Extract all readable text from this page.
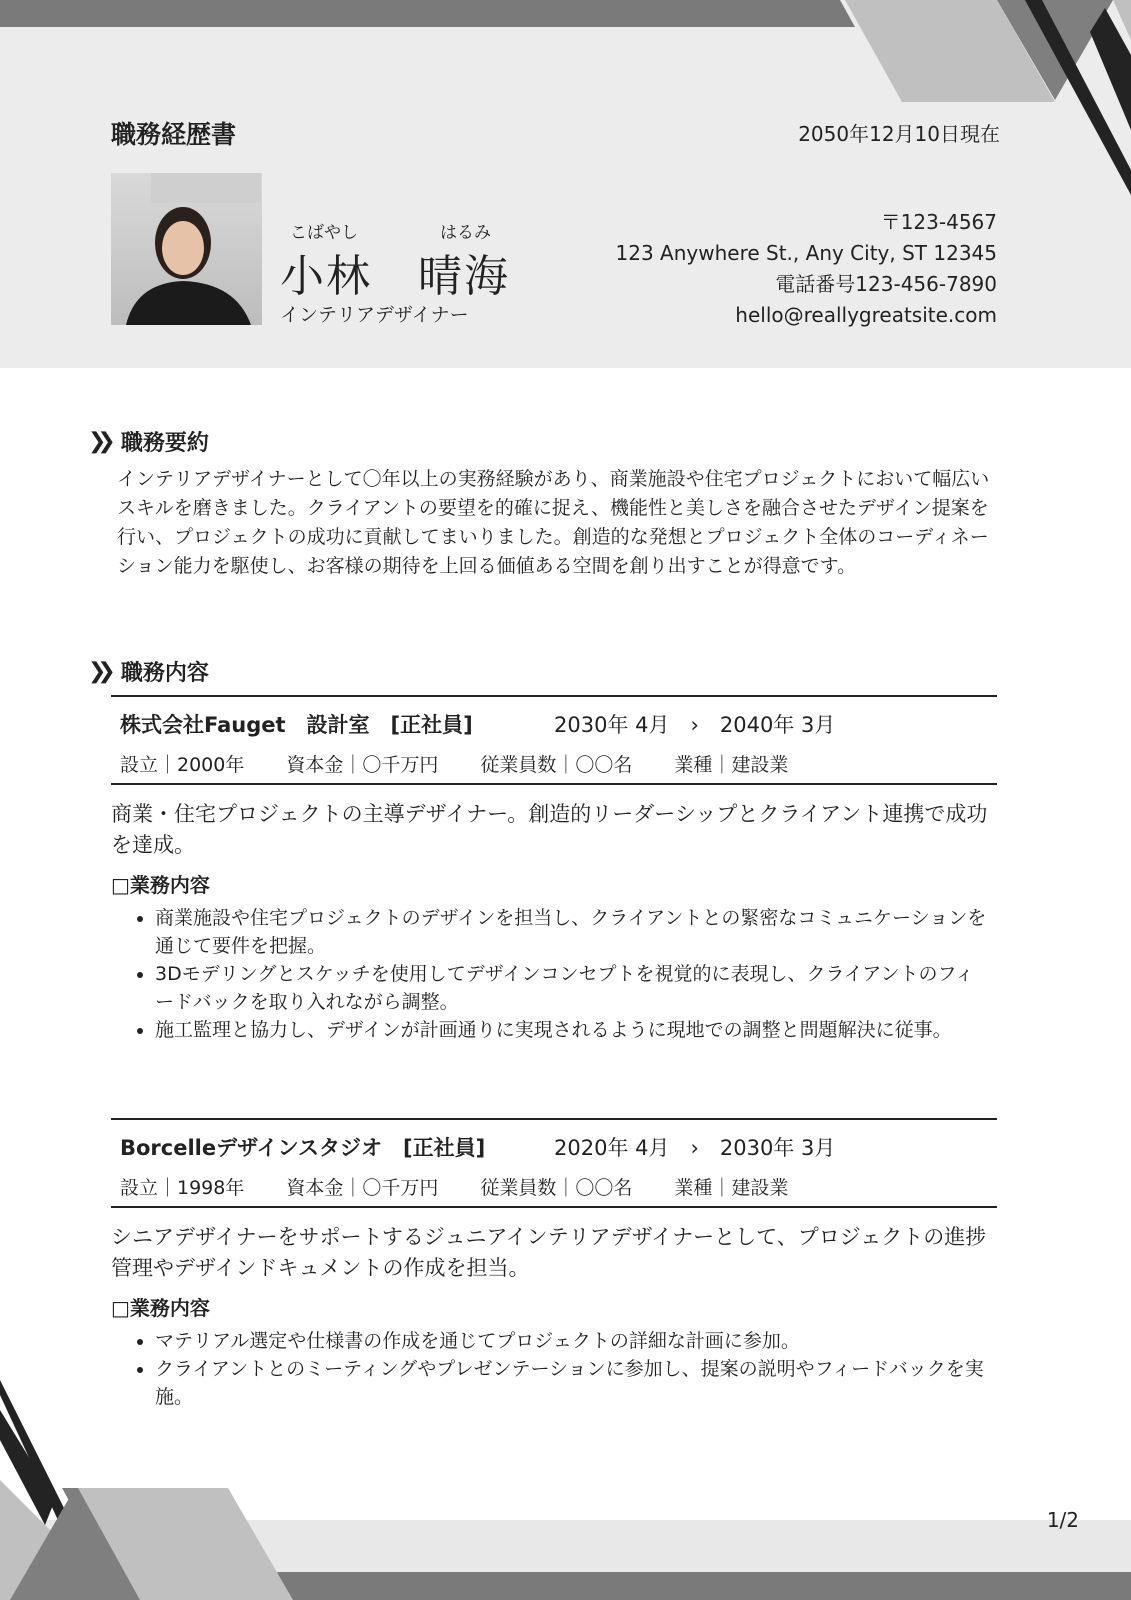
職務経歴書	2050年12月10日現在
こばやし	はるみ
小林　晴海
インテリアデザイナー
〒123-4567
123 Anywhere St., Any City, ST 12345
電話番号123-456-7890
hello@reallygreatsite.com
❯❯ 職務要約
インテリアデザイナーとして〇年以上の実務経験があり、商業施設や住宅プロジェクトにおいて幅広いスキルを磨きました。クライアントの要望を的確に捉え、機能性と美しさを融合させたデザイン提案を行い、プロジェクトの成功に貢献してまいりました。創造的な発想とプロジェクト全体のコーディネーション能力を駆使し、お客様の期待を上回る価値ある空間を創り出すことが得意です。
❯❯ 職務内容
株式会社Fauget　設計室　[正社員]	2030年 4月　›　2040年 3月
設立｜2000年 資本金｜〇千万円 従業員数｜〇〇名 業種｜建設業
商業・住宅プロジェクトの主導デザイナー。創造的リーダーシップとクライアント連携で成功を達成。
□業務内容
• 商業施設や住宅プロジェクトのデザインを担当し、クライアントとの緊密なコミュニケーションを通じて要件を把握。
• 3Dモデリングとスケッチを使用してデザインコンセプトを視覚的に表現し、クライアントのフィードバックを取り入れながら調整。
• 施工監理と協力し、デザインが計画通りに実現されるように現地での調整と問題解決に従事。
Borcelleデザインスタジオ　[正社員]	2020年 4月　›　2030年 3月
設立｜1998年 資本金｜〇千万円 従業員数｜〇〇名 業種｜建設業
シニアデザイナーをサポートするジュニアインテリアデザイナーとして、プロジェクトの進捗管理やデザインドキュメントの作成を担当。
□業務内容
• マテリアル選定や仕様書の作成を通じてプロジェクトの詳細な計画に参加。
• クライアントとのミーティングやプレゼンテーションに参加し、提案の説明やフィードバックを実施。
1/2
